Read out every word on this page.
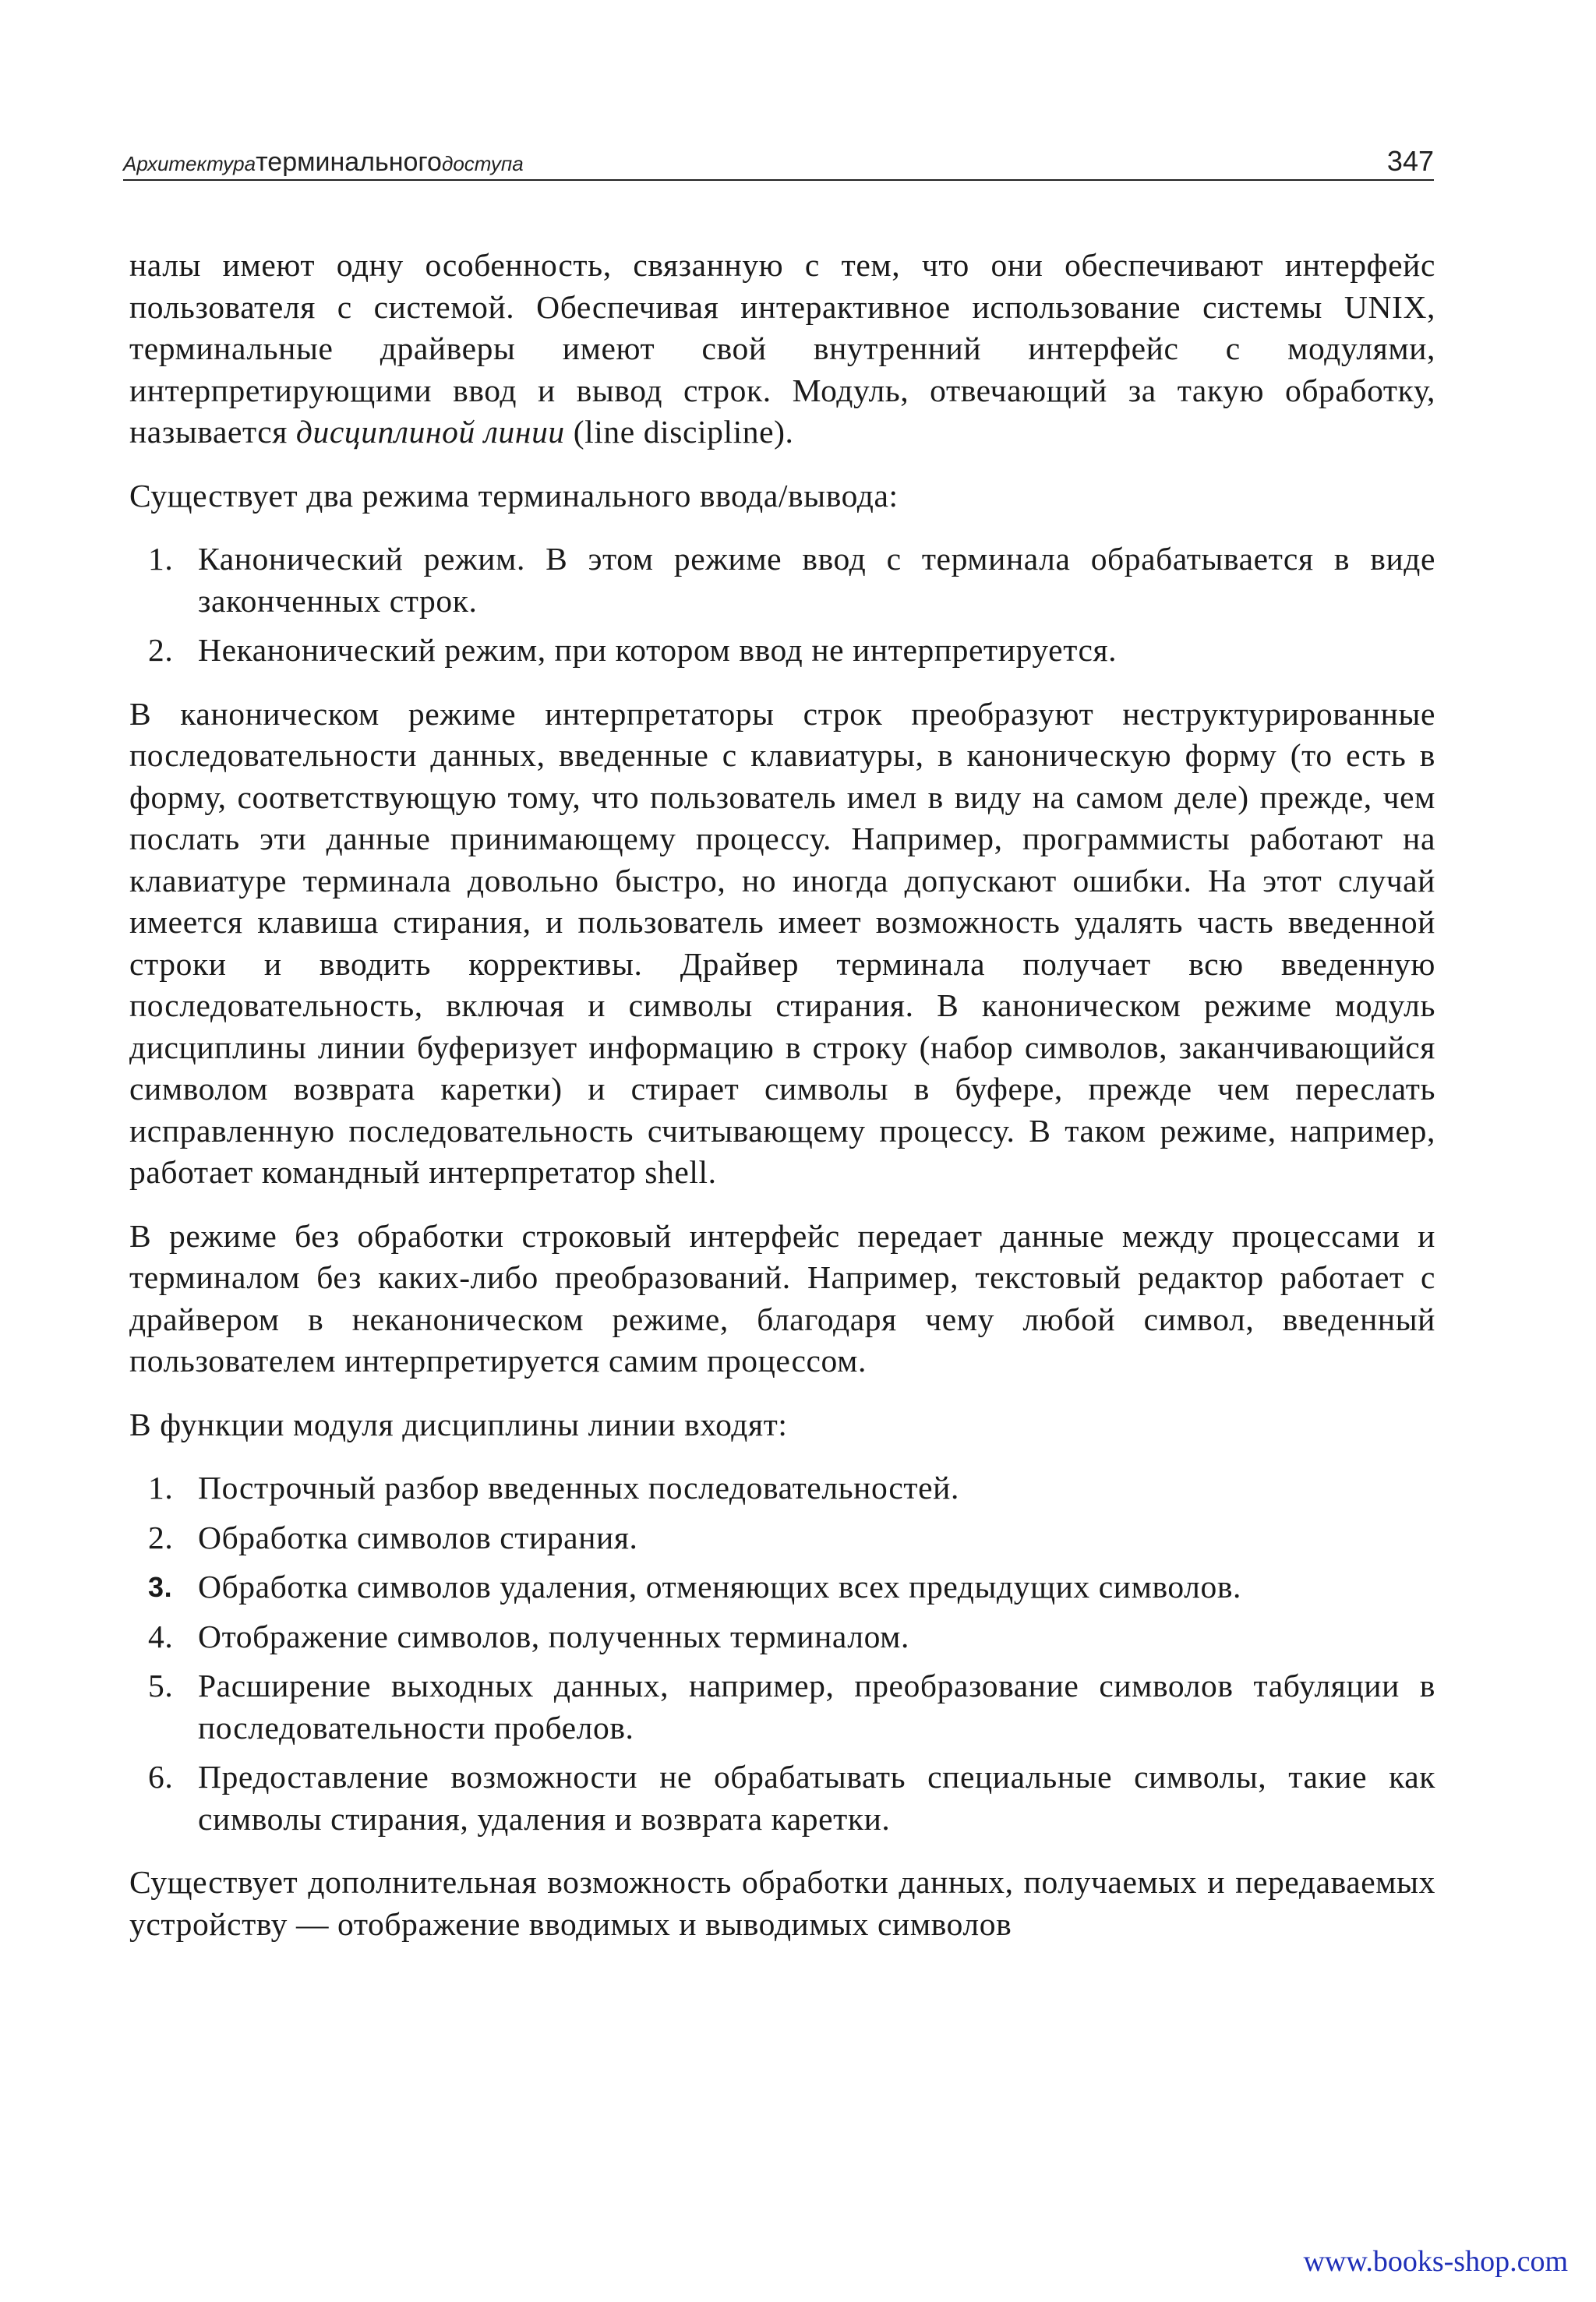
Архитектуратерминальногодоступа	347

налы имеют одну особенность, связанную с тем, что они обеспечивают интерфейс пользователя с системой. Обеспечивая интерактивное использование системы UNIX, терминальные драйверы имеют свой внутренний интерфейс с модулями, интерпретирующими ввод и вывод строк. Модуль, отвечающий за такую обработку, называется дисциплиной линии (line discipline).

Существует два режима терминального ввода/вывода:

1. Канонический режим. В этом режиме ввод с терминала обрабатывается в виде законченных строк.
2. Неканонический режим, при котором ввод не интерпретируется.

В каноническом режиме интерпретаторы строк преобразуют неструктурированные последовательности данных, введенные с клавиатуры, в каноническую форму (то есть в форму, соответствующую тому, что пользователь имел в виду на самом деле) прежде, чем послать эти данные принимающему процессу. Например, программисты работают на клавиатуре терминала довольно быстро, но иногда допускают ошибки. На этот случай имеется клавиша стирания, и пользователь имеет возможность удалять часть введенной строки и вводить коррективы. Драйвер терминала получает всю введенную последовательность, включая и символы стирания. В каноническом режиме модуль дисциплины линии буферизует информацию в строку (набор символов, заканчивающийся символом возврата каретки) и стирает символы в буфере, прежде чем переслать исправленную последовательность считывающему процессу. В таком режиме, например, работает командный интерпретатор shell.

В режиме без обработки строковый интерфейс передает данные между процессами и терминалом без каких-либо преобразований. Например, текстовый редактор работает с драйвером в неканоническом режиме, благодаря чему любой символ, введенный пользователем интерпретируется самим процессом.

В функции модуля дисциплины линии входят:

1. Построчный разбор введенных последовательностей.
2. Обработка символов стирания.
3. Обработка символов удаления, отменяющих всех предыдущих символов.
4. Отображение символов, полученных терминалом.
5. Расширение выходных данных, например, преобразование символов табуляции в последовательности пробелов.
6. Предоставление возможности не обрабатывать специальные символы, такие как символы стирания, удаления и возврата каретки.

Существует дополнительная возможность обработки данных, получаемых и передаваемых устройству — отображение вводимых и выводимых символов

www.books-shop.com
